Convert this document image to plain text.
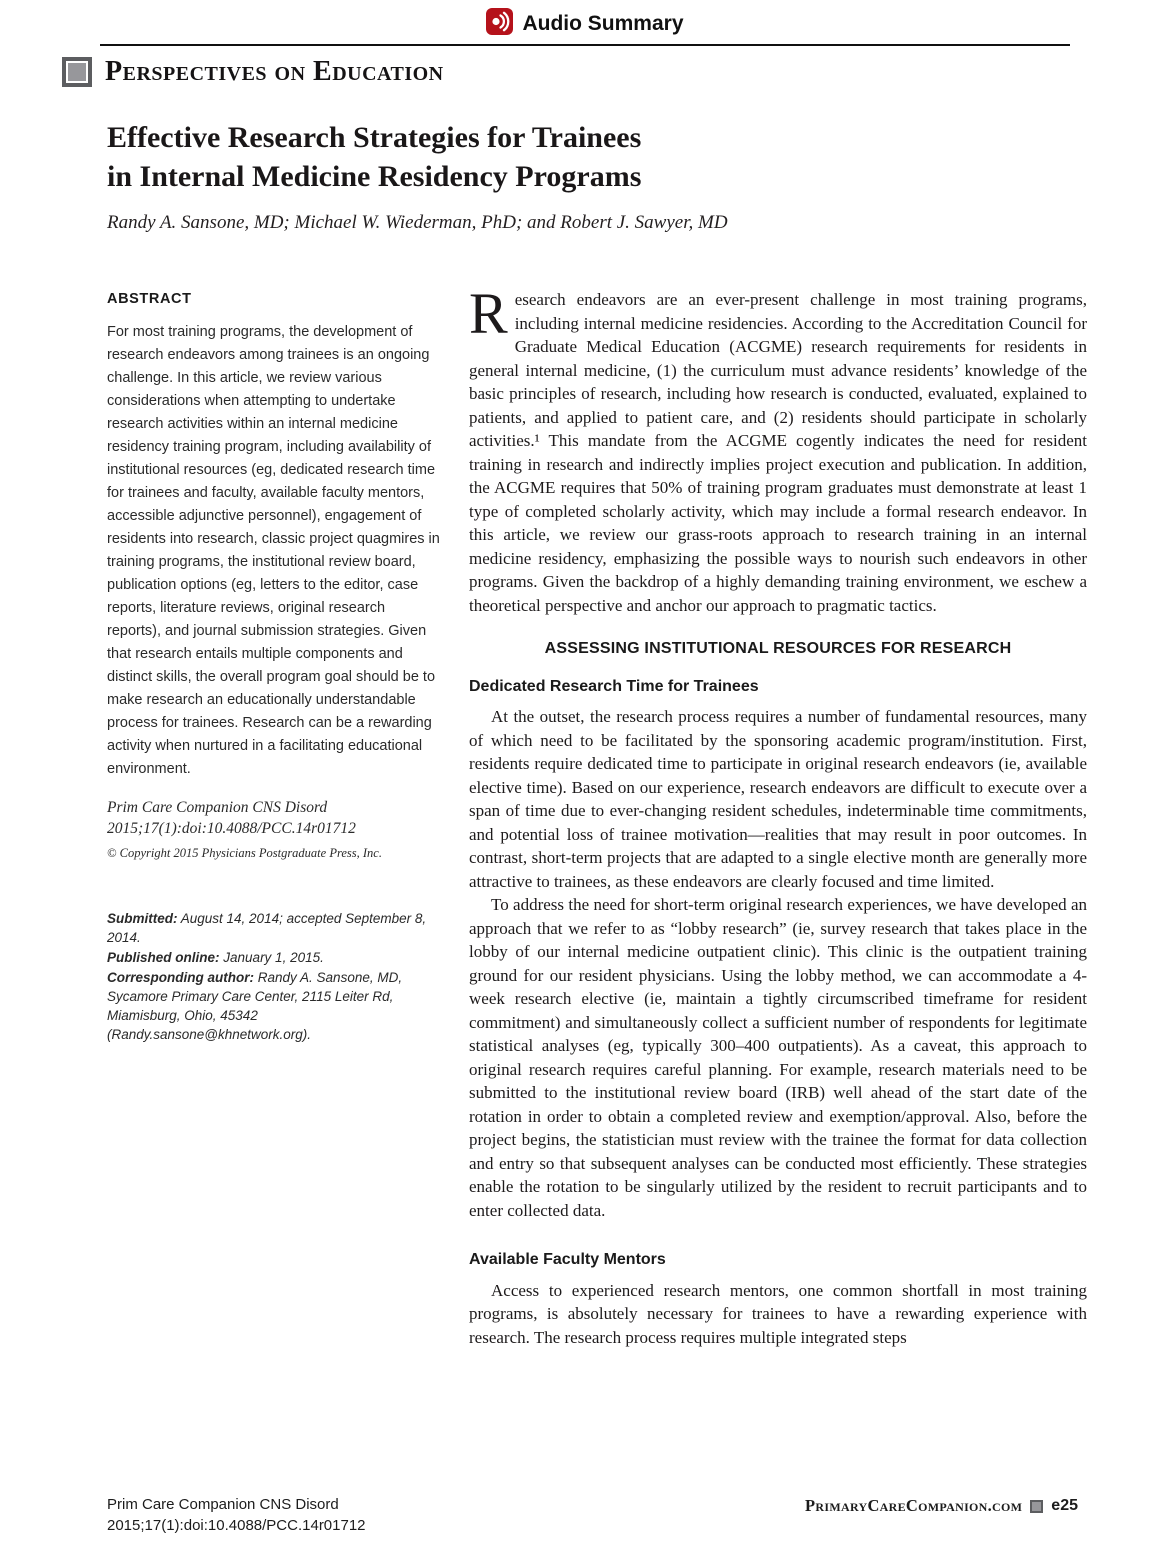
Audio Summary
Perspectives on Education
Effective Research Strategies for Trainees
in Internal Medicine Residency Programs
Randy A. Sansone, MD; Michael W. Wiederman, PhD; and Robert J. Sawyer, MD
ABSTRACT
For most training programs, the development of research endeavors among trainees is an ongoing challenge. In this article, we review various considerations when attempting to undertake research activities within an internal medicine residency training program, including availability of institutional resources (eg, dedicated research time for trainees and faculty, available faculty mentors, accessible adjunctive personnel), engagement of residents into research, classic project quagmires in training programs, the institutional review board, publication options (eg, letters to the editor, case reports, literature reviews, original research reports), and journal submission strategies. Given that research entails multiple components and distinct skills, the overall program goal should be to make research an educationally understandable process for trainees. Research can be a rewarding activity when nurtured in a facilitating educational environment.
Prim Care Companion CNS Disord
2015;17(1):doi:10.4088/PCC.14r01712
© Copyright 2015 Physicians Postgraduate Press, Inc.

Submitted: August 14, 2014; accepted September 8, 2014.

Published online: January 1, 2015.

Corresponding author: Randy A. Sansone, MD, Sycamore Primary Care Center, 2115 Leiter Rd, Miamisburg, Ohio, 45342 (Randy.sansone@khnetwork.org).

Research endeavors are an ever-present challenge in most training programs, including internal medicine residencies. According to the Accreditation Council for Graduate Medical Education (ACGME) research requirements for residents in general internal medicine, (1) the curriculum must advance residents’ knowledge of the basic principles of research, including how research is conducted, evaluated, explained to patients, and applied to patient care, and (2) residents should participate in scholarly activities.¹ This mandate from the ACGME cogently indicates the need for resident training in research and indirectly implies project execution and publication. In addition, the ACGME requires that 50% of training program graduates must demonstrate at least 1 type of completed scholarly activity, which may include a formal research endeavor. In this article, we review our grass-roots approach to research training in an internal medicine residency, emphasizing the possible ways to nourish such endeavors in other programs. Given the backdrop of a highly demanding training environment, we eschew a theoretical perspective and anchor our approach to pragmatic tactics.

ASSESSING INSTITUTIONAL RESOURCES FOR RESEARCH
Dedicated Research Time for Trainees

At the outset, the research process requires a number of fundamental resources, many of which need to be facilitated by the sponsoring academic program/institution. First, residents require dedicated time to participate in original research endeavors (ie, available elective time). Based on our experience, research endeavors are difficult to execute over a span of time due to ever-changing resident schedules, indeterminable time commitments, and potential loss of trainee motivation—realities that may result in poor outcomes. In contrast, short-term projects that are adapted to a single elective month are generally more attractive to trainees, as these endeavors are clearly focused and time limited.

To address the need for short-term original research experiences, we have developed an approach that we refer to as “lobby research” (ie, survey research that takes place in the lobby of our internal medicine outpatient clinic). This clinic is the outpatient training ground for our resident physicians. Using the lobby method, we can accommodate a 4-week research elective (ie, maintain a tightly circumscribed timeframe for resident commitment) and simultaneously collect a sufficient number of respondents for legitimate statistical analyses (eg, typically 300–400 outpatients). As a caveat, this approach to original research requires careful planning. For example, research materials need to be submitted to the institutional review board (IRB) well ahead of the start date of the rotation in order to obtain a completed review and exemption/approval. Also, before the project begins, the statistician must review with the trainee the format for data collection and entry so that subsequent analyses can be conducted most efficiently. These strategies enable the rotation to be singularly utilized by the resident to recruit participants and to enter collected data.

Available Faculty Mentors

Access to experienced research mentors, one common shortfall in most training programs, is absolutely necessary for trainees to have a rewarding experience with research. The research process requires multiple integrated steps

Prim Care Companion CNS Disord
2015;17(1):doi:10.4088/PCC.14r01712
PrimaryCareCompanion.com e25
